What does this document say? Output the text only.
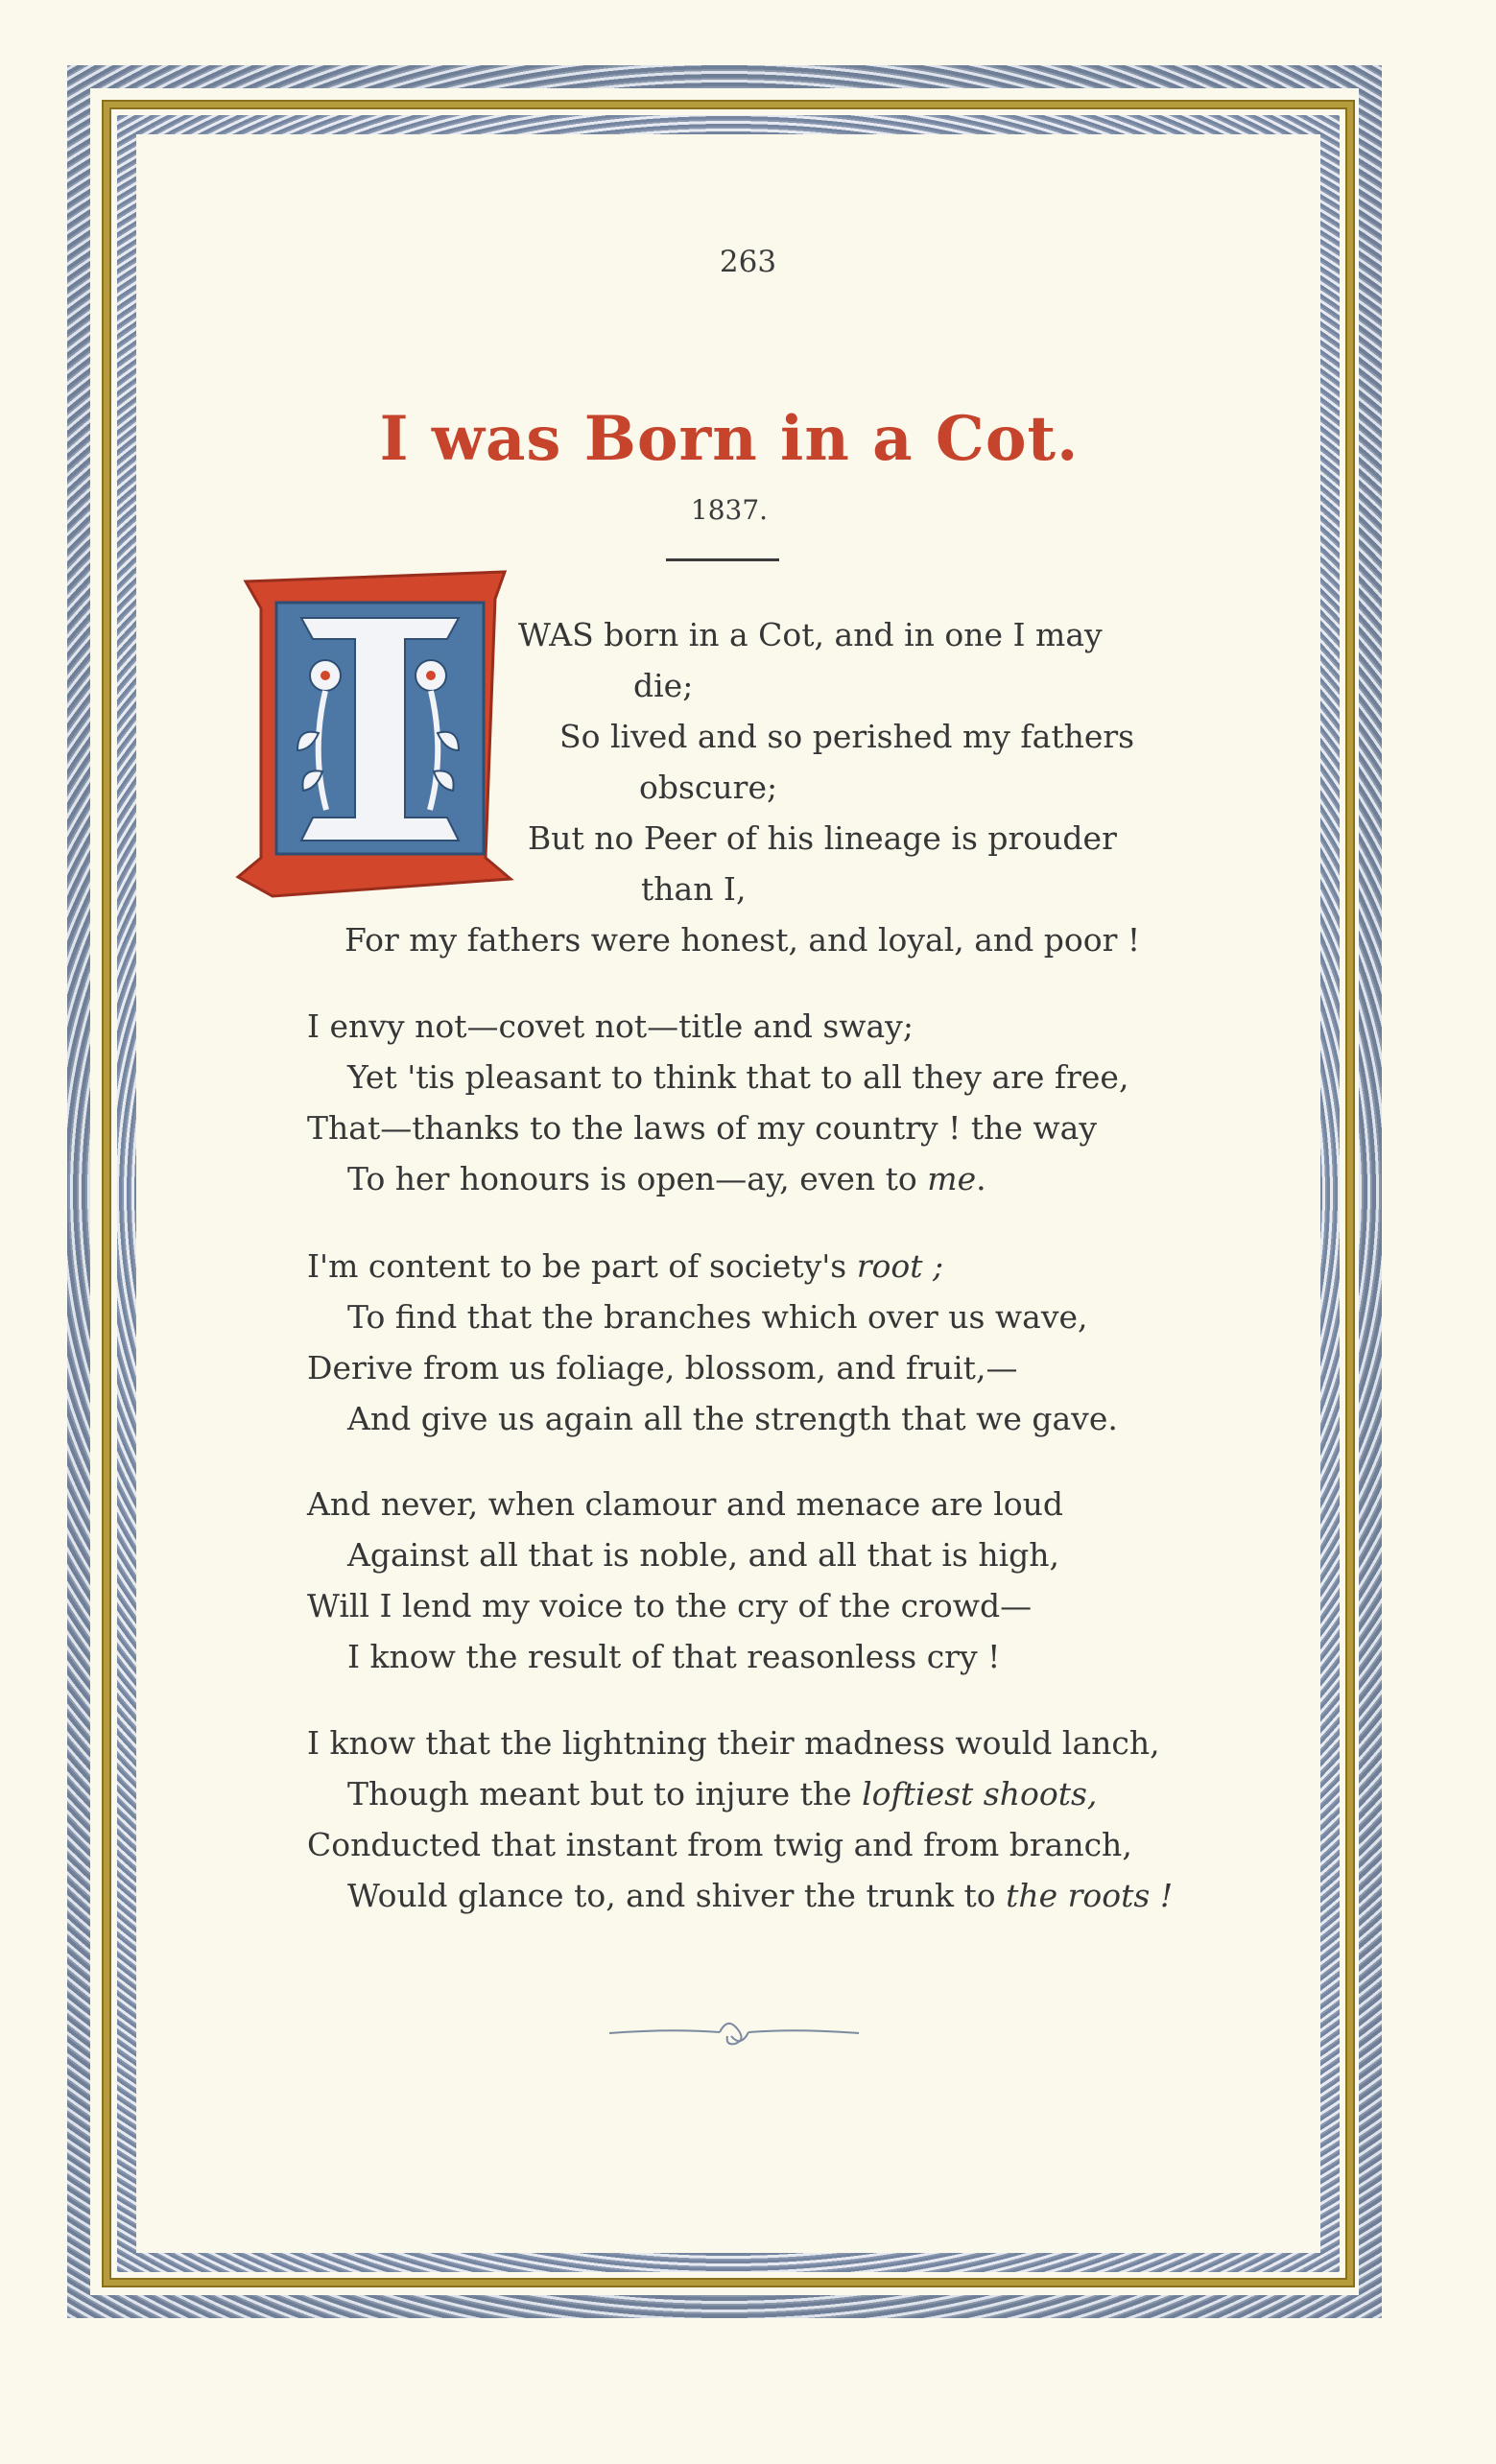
263
I was Born in a Cot.
1837.
WAS born in a Cot, and in one I may
die;
So lived and so perished my fathers
obscure;
But no Peer of his lineage is prouder
than I,
For my fathers were honest, and loyal, and poor !
I envy not—covet not—title and sway;
Yet 'tis pleasant to think that to all they are free,
That—thanks to the laws of my country ! the way
To her honours is open—ay, even to me.
I'm content to be part of society's root ;
To find that the branches which over us wave,
Derive from us foliage, blossom, and fruit,—
And give us again all the strength that we gave.
And never, when clamour and menace are loud
Against all that is noble, and all that is high,
Will I lend my voice to the cry of the crowd—
I know the result of that reasonless cry !
I know that the lightning their madness would lanch,
Though meant but to injure the loftiest shoots,
Conducted that instant from twig and from branch,
Would glance to, and shiver the trunk to the roots !
